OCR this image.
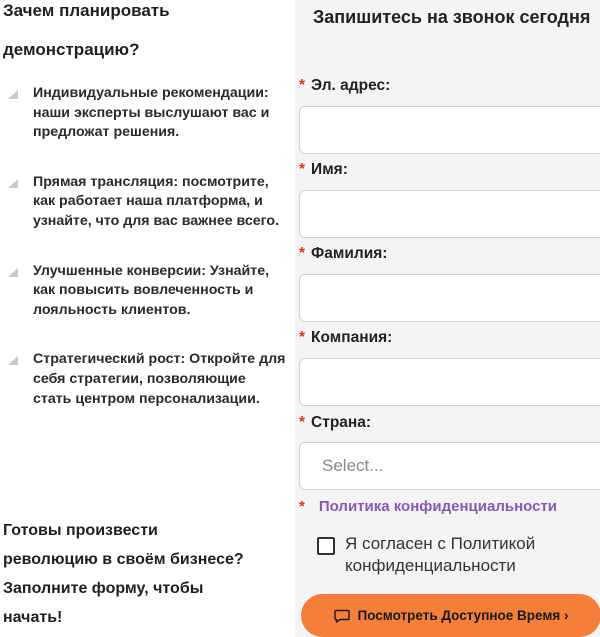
Зачем планировать
демонстрацию?
Индивидуальные рекомендации: наши эксперты выслушают вас и предложат решения.
Прямая трансляция: посмотрите, как работает наша платформа, и узнайте, что для вас важнее всего.
Улучшенные конверсии: Узнайте, как повысить вовлеченность и лояльность клиентов.
Стратегический рост: Откройте для себя стратегии, позволяющие стать центром персонализации.
Готовы произвести
революцию в своём бизнесе?
Заполните форму, чтобы
начать!
Запишитесь на звонок сегодня
* Эл. адрес:
* Имя:
* Фамилия:
* Компания:
* Страна:
Select...
* Политика конфиденциальности
Я согласен с Политикой конфиденциальности
Посмотреть Доступное Время ›
